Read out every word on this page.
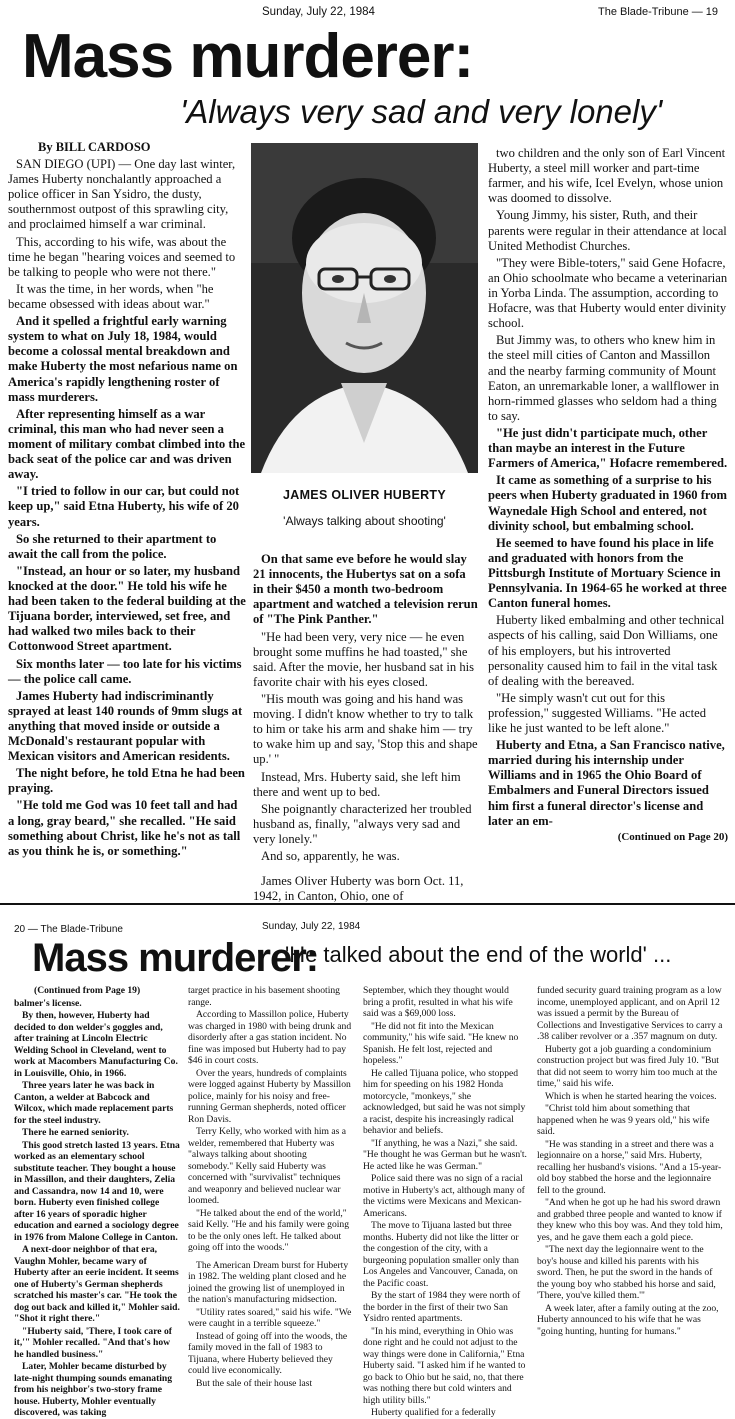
Sunday, July 22, 1984	The Blade-Tribune — 19
Mass murderer:
'Always very sad and very lonely'

By BILL CARDOSO

SAN DIEGO (UPI) — One day last winter, James Huberty nonchalantly approached a police officer in San Ysidro, the dusty, southernmost outpost of this sprawling city, and proclaimed himself a war criminal.

This, according to his wife, was about the time he began "hearing voices and seemed to be talking to people who were not there."

It was the time, in her words, when "he became obsessed with ideas about war."

And it spelled a frightful early warning system to what on July 18, 1984, would become a colossal mental breakdown and make Huberty the most nefarious name on America's rapidly lengthening roster of mass murderers.

After representing himself as a war criminal, this man who had never seen a moment of military combat climbed into the back seat of the police car and was driven away.

"I tried to follow in our car, but could not keep up," said Etna Huberty, his wife of 20 years.

So she returned to their apartment to await the call from the police.

"Instead, an hour or so later, my husband knocked at the door." He told his wife he had been taken to the federal building at the Tijuana border, interviewed, set free, and had walked two miles back to their Cottonwood Street apartment.

Six months later — too late for his victims — the police call came.

James Huberty had indiscriminantly sprayed at least 140 rounds of 9mm slugs at anything that moved inside or outside a McDonald's restaurant popular with Mexican visitors and American residents.

The night before, he told Etna he had been praying.

"He told me God was 10 feet tall and had a long, gray beard," she recalled. "He said something about Christ, like he's not as tall as you think he is, or something."

JAMES OLIVER HUBERTY
'Always talking about shooting'

On that same eve before he would slay 21 innocents, the Hubertys sat on a sofa in their $450 a month two-bedroom apartment and watched a television rerun of "The Pink Panther."

"He had been very, very nice — he even brought some muffins he had toasted," she said. After the movie, her husband sat in his favorite chair with his eyes closed.

"His mouth was going and his hand was moving. I didn't know whether to try to talk to him or take his arm and shake him — try to wake him up and say, 'Stop this and shape up.' "

Instead, Mrs. Huberty said, she left him there and went up to bed.

She poignantly characterized her troubled husband as, finally, "always very sad and very lonely."

And so, apparently, he was.

James Oliver Huberty was born Oct. 11, 1942, in Canton, Ohio, one of

two children and the only son of Earl Vincent Huberty, a steel mill worker and part-time farmer, and his wife, Icel Evelyn, whose union was doomed to dissolve.

Young Jimmy, his sister, Ruth, and their parents were regular in their attendance at local United Methodist Churches.

"They were Bible-toters," said Gene Hofacre, an Ohio schoolmate who became a veterinarian in Yorba Linda. The assumption, according to Hofacre, was that Huberty would enter divinity school.

But Jimmy was, to others who knew him in the steel mill cities of Canton and Massillon and the nearby farming community of Mount Eaton, an unremarkable loner, a wallflower in horn-rimmed glasses who seldom had a thing to say.

"He just didn't participate much, other than maybe an interest in the Future Farmers of America," Hofacre remembered.

It came as something of a surprise to his peers when Huberty graduated in 1960 from Waynedale High School and entered, not divinity school, but embalming school.

He seemed to have found his place in life and graduated with honors from the Pittsburgh Institute of Mortuary Science in Pennsylvania. In 1964-65 he worked at three Canton funeral homes.

Huberty liked embalming and other technical aspects of his calling, said Don Williams, one of his employers, but his introverted personality caused him to fail in the vital task of dealing with the bereaved.

"He simply wasn't cut out for this profession," suggested Williams. "He acted like he just wanted to be left alone."

Huberty and Etna, a San Francisco native, married during his internship under Williams and in 1965 the Ohio Board of Embalmers and Funeral Directors issued him first a funeral director's license and later an em-

(Continued on Page 20)

20 — The Blade-Tribune	Sunday, July 22, 1984
Mass murderer:
'He talked about the end of the world' ...

(Continued from Page 19)

balmer's license.

By then, however, Huberty had decided to don welder's goggles and, after training at Lincoln Electric Welding School in Cleveland, went to work at Macombers Manufacturing Co. in Louisville, Ohio, in 1966.

Three years later he was back in Canton, a welder at Babcock and Wilcox, which made replacement parts for the steel industry.

There he earned seniority.

This good stretch lasted 13 years. Etna worked as an elementary school substitute teacher. They bought a house in Massillon, and their daughters, Zelia and Cassandra, now 14 and 10, were born. Huberty even finished college after 16 years of sporadic higher education and earned a sociology degree in 1976 from Malone College in Canton.

A next-door neighbor of that era, Vaughn Mohler, became wary of Huberty after an eerie incident. It seems one of Huberty's German shepherds scratched his master's car. "He took the dog out back and killed it," Mohler said. "Shot it right there."

"Huberty said, 'There, I took care of it,'" Mohler recalled. "And that's how he handled business."

Later, Mohler became disturbed by late-night thumping sounds emanating from his neighbor's two-story frame house. Huberty, Mohler eventually discovered, was taking

target practice in his basement shooting range.

According to Massillon police, Huberty was charged in 1980 with being drunk and disorderly after a gas station incident. No fine was imposed but Huberty had to pay $46 in court costs.

Over the years, hundreds of complaints were logged against Huberty by Massillon police, mainly for his noisy and free-running German shepherds, noted officer Ron Davis.

Terry Kelly, who worked with him as a welder, remembered that Huberty was "always talking about shooting somebody." Kelly said Huberty was concerned with "survivalist" techniques and weaponry and believed nuclear war loomed.

"He talked about the end of the world," said Kelly. "He and his family were going to be the only ones left. He talked about going off into the woods."

The American Dream burst for Huberty in 1982. The welding plant closed and he joined the growing list of unemployed in the nation's manufacturing midsection.

"Utility rates soared," said his wife. "We were caught in a terrible squeeze."

Instead of going off into the woods, the family moved in the fall of 1983 to Tijuana, where Huberty believed they could live economically.

But the sale of their house last

September, which they thought would bring a profit, resulted in what his wife said was a $69,000 loss.

"He did not fit into the Mexican community," his wife said. "He knew no Spanish. He felt lost, rejected and hopeless."

He called Tijuana police, who stopped him for speeding on his 1982 Honda motorcycle, "monkeys," she acknowledged, but said he was not simply a racist, despite his increasingly radical behavior and beliefs.

"If anything, he was a Nazi," she said. "He thought he was German but he wasn't. He acted like he was German."

Police said there was no sign of a racial motive in Huberty's act, although many of the victims were Mexicans and Mexican-Americans.

The move to Tijuana lasted but three months. Huberty did not like the litter or the congestion of the city, with a burgeoning population smaller only than Los Angeles and Vancouver, Canada, on the Pacific coast.

By the start of 1984 they were north of the border in the first of their two San Ysidro rented apartments.

"In his mind, everything in Ohio was done right and he could not adjust to the way things were done in California," Etna Huberty said. "I asked him if he wanted to go back to Ohio but he said, no, that there was nothing there but cold winters and high utility bills."

Huberty qualified for a federally

funded security guard training program as a low income, unemployed applicant, and on April 12 was issued a permit by the Bureau of Collections and Investigative Services to carry a .38 caliber revolver or a .357 magnum on duty.

Huberty got a job guarding a condominium construction project but was fired July 10. "But that did not seem to worry him too much at the time," said his wife.

Which is when he started hearing the voices.

"Christ told him about something that happened when he was 9 years old," his wife said.

"He was standing in a street and there was a legionnaire on a horse," said Mrs. Huberty, recalling her husband's visions. "And a 15-year-old boy stabbed the horse and the legionnaire fell to the ground.

"And when he got up he had his sword drawn and grabbed three people and wanted to know if they knew who this boy was. And they told him, yes, and he gave them each a gold piece.

"The next day the legionnaire went to the boy's house and killed his parents with his sword. Then, he put the sword in the hands of the young boy who stabbed his horse and said, 'There, you've killed them.'"

A week later, after a family outing at the zoo, Huberty announced to his wife that he was "going hunting, hunting for humans."
